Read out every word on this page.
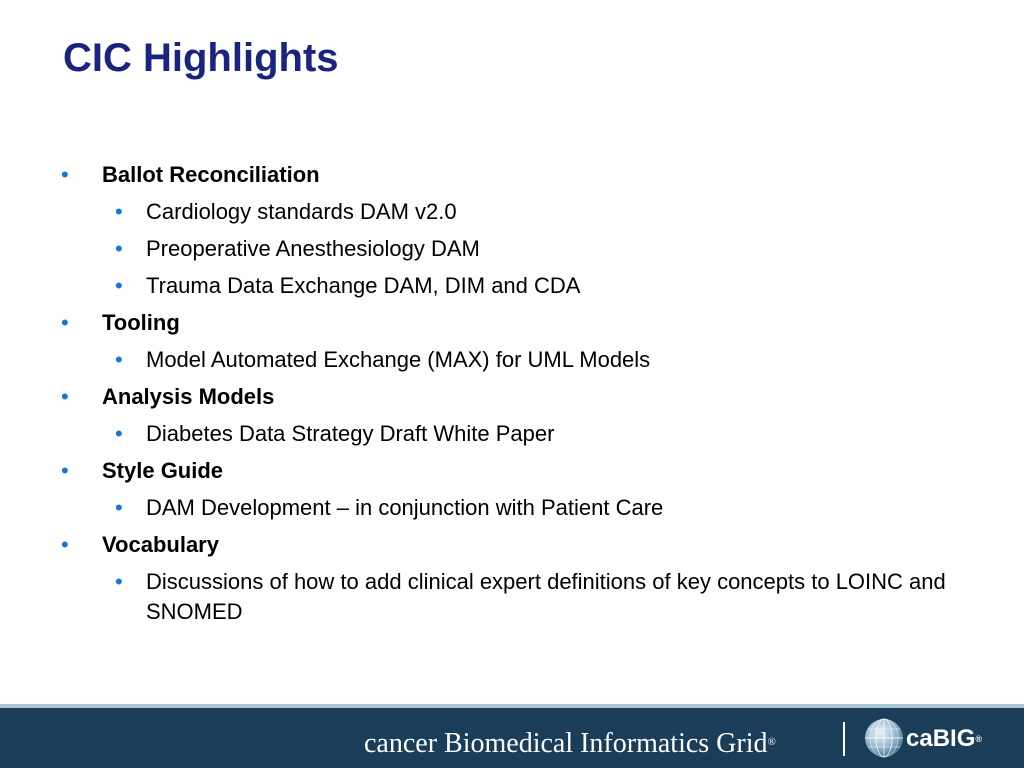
CIC Highlights
• Ballot Reconciliation

• Cardiology standards DAM v2.0

• Preoperative Anesthesiology DAM

• Trauma Data Exchange DAM, DIM and CDA

• Tooling

• Model Automated Exchange (MAX) for UML Models

• Analysis Models

• Diabetes Data Strategy Draft White Paper

• Style Guide

• DAM Development – in conjunction with Patient Care

• Vocabulary

• Discussions of how to add clinical expert definitions of key concepts to LOINC and SNOMED

cancer Biomedical Informatics Grid®	caBIG®
